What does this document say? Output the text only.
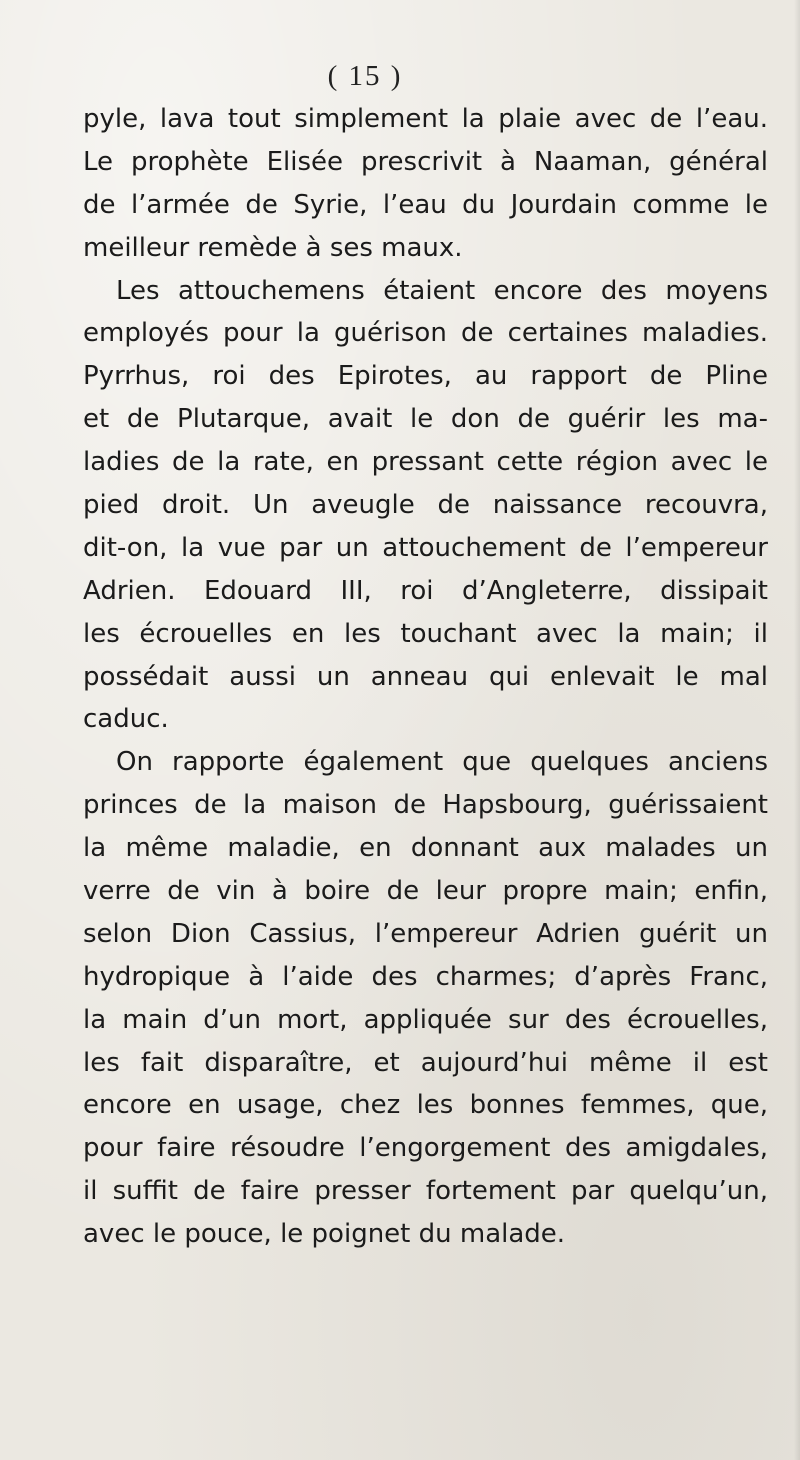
( 15 )
pyle, lava tout simplement la plaie avec de l’eau.
Le prophète Elisée prescrivit à Naaman, général
de l’armée de Syrie, l’eau du Jourdain comme le
meilleur remède à ses maux.
Les attouchemens étaient encore des moyens
employés pour la guérison de certaines maladies.
Pyrrhus, roi des Epirotes, au rapport de Pline
et de Plutarque, avait le don de guérir les ma-
ladies de la rate, en pressant cette région avec le
pied droit. Un aveugle de naissance recouvra,
dit-on, la vue par un attouchement de l’empereur
Adrien. Edouard III, roi d’Angleterre, dissipait
les écrouelles en les touchant avec la main; il
possédait aussi un anneau qui enlevait le mal
caduc.
On rapporte également que quelques anciens
princes de la maison de Hapsbourg, guérissaient
la même maladie, en donnant aux malades un
verre de vin à boire de leur propre main; enfin,
selon Dion Cassius, l’empereur Adrien guérit un
hydropique à l’aide des charmes; d’après Franc,
la main d’un mort, appliquée sur des écrouelles,
les fait disparaître, et aujourd’hui même il est
encore en usage, chez les bonnes femmes, que,
pour faire résoudre l’engorgement des amigdales,
il suffit de faire presser fortement par quelqu’un,
avec le pouce, le poignet du malade.
